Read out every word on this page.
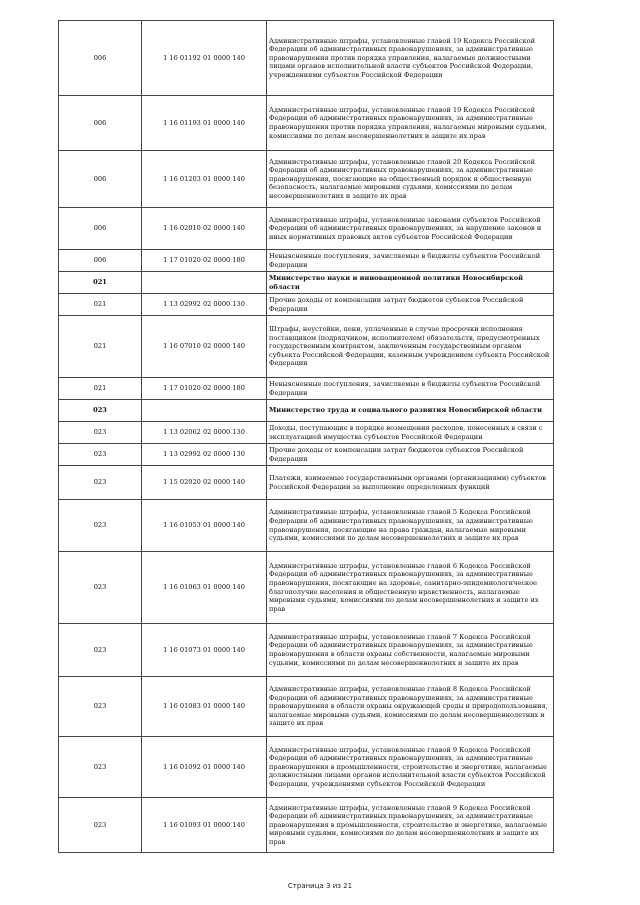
006	1 16 01192 01 0000 140	Административные штрафы, установленные главой 19 Кодекса Российской Федерации об административных правонарушениях, за административные правонарушения против порядка управления, налагаемые должностными лицами органов исполнительной власти субъектов Российской Федерации, учреждениями субъектов Российской Федерации
006	1 16 01193 01 0000 140	Административные штрафы, установленные главой 19 Кодекса Российской Федерации об административных правонарушениях, за административные правонарушения против порядка управления, налагаемые мировыми судьями, комиссиями по делам несовершеннолетних и защите их прав
006	1 16 01203 01 0000 140	Административные штрафы, установленные главой 20 Кодекса Российской Федерации об административных правонарушениях, за административные правонарушения, посягающие на общественный порядок и общественную безопасность, налагаемые мировыми судьями, комиссиями по делам несовершеннолетних и защите их прав
006	1 16 02010 02 0000 140	Административные штрафы, установленные законами субъектов Российской Федерации об административных правонарушениях, за нарушение законов и иных нормативных правовых актов субъектов Российской Федерации
006	1 17 01020 02 0000 180	Невыясненные поступления, зачисляемые в бюджеты субъектов Российской Федерации
021		Министерство науки и инновационной политики Новосибирской области
021	1 13 02992 02 0000 130	Прочие доходы от компенсации затрат бюджетов субъектов Российской Федерации
021	1 16 07010 02 0000 140	Штрафы, неустойки, пени, уплаченные в случае просрочки исполнения поставщиком (подрядчиком, исполнителем) обязательств, предусмотренных государственным контрактом, заключенным государственным органом субъекта Российской Федерации, казенным учреждением субъекта Российской Федерации
021	1 17 01020 02 0000 180	Невыясненные поступления, зачисляемые в бюджеты субъектов Российской Федерации
023		Министерство труда и социального развития Новосибирской области
023	1 13 02062 02 0000 130	Доходы, поступающие в порядке возмещения расходов, понесенных в связи с эксплуатацией имущества субъектов Российской Федерации
023	1 13 02992 02 0000 130	Прочие доходы от компенсации затрат бюджетов субъектов Российской Федерации
023	1 15 02020 02 0000 140	Платежи, взимаемые государственными органами (организациями) субъектов Российской Федерации за выполнение определенных функций
023	1 16 01053 01 0000 140	Административные штрафы, установленные главой 5 Кодекса Российской Федерации об административных правонарушениях, за административные правонарушения, посягающие на права граждан, налагаемые мировыми судьями, комиссиями по делам несовершеннолетних и защите их прав
023	1 16 01063 01 0000 140	Административные штрафы, установленные главой 6 Кодекса Российской Федерации об административных правонарушениях, за административные правонарушения, посягающие на здоровье, санитарно-эпидемиологическое благополучие населения и общественную нравственность, налагаемые мировыми судьями, комиссиями по делам несовершеннолетних и защите их прав
023	1 16 01073 01 0000 140	Административные штрафы, установленные главой 7 Кодекса Российской Федерации об административных правонарушениях, за административные правонарушения в области охраны собственности, налагаемые мировыми судьями, комиссиями по делам несовершеннолетних и защите их прав
023	1 16 01083 01 0000 140	Административные штрафы, установленные главой 8 Кодекса Российской Федерации об административных правонарушениях, за административные правонарушения в области охраны окружающей среды и природопользования, налагаемые мировыми судьями, комиссиями по делам несовершеннолетних и защите их прав
023	1 16 01092 01 0000 140	Административные штрафы, установленные главой 9 Кодекса Российской Федерации об административных правонарушениях, за административные правонарушения в промышленности, строительстве и энергетике, налагаемые должностными лицами органов исполнительной власти субъектов Российской Федерации, учреждениями субъектов Российской Федерации
023	1 16 01093 01 0000 140	Административные штрафы, установленные главой 9 Кодекса Российской Федерации об административных правонарушениях, за административные правонарушения в промышленности, строительстве и энергетике, налагаемые мировыми судьями, комиссиями по делам несовершеннолетних и защите их прав
Страница 3 из 21
